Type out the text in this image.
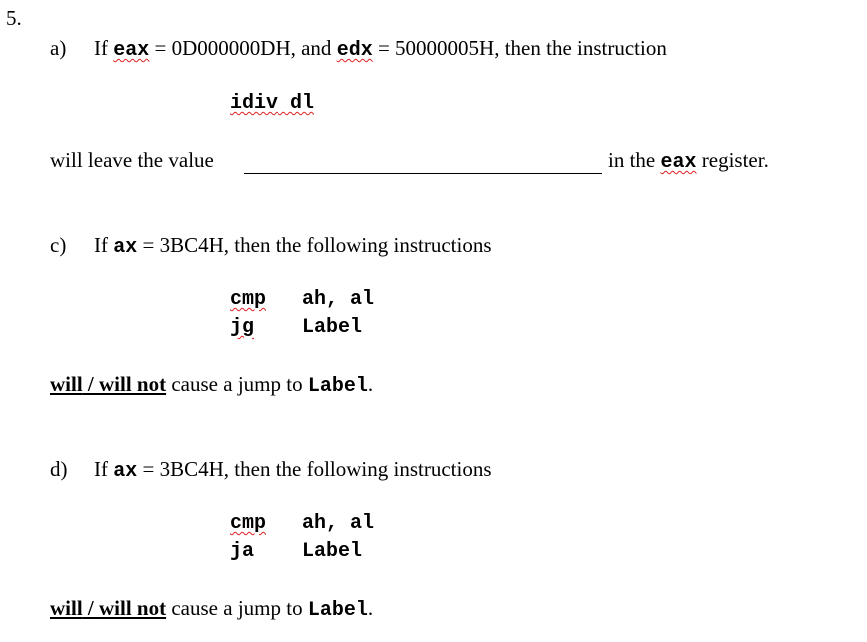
5.
a) If eax = 0D000000DH, and edx = 50000005H, then the instruction
idiv dl
will leave the value	in the eax register.
c) If ax = 3BC4H, then the following instructions
cmp ah, al
jg Label
will / will not cause a jump to Label.
d) If ax = 3BC4H, then the following instructions
cmp ah, al
ja Label
will / will not cause a jump to Label.
